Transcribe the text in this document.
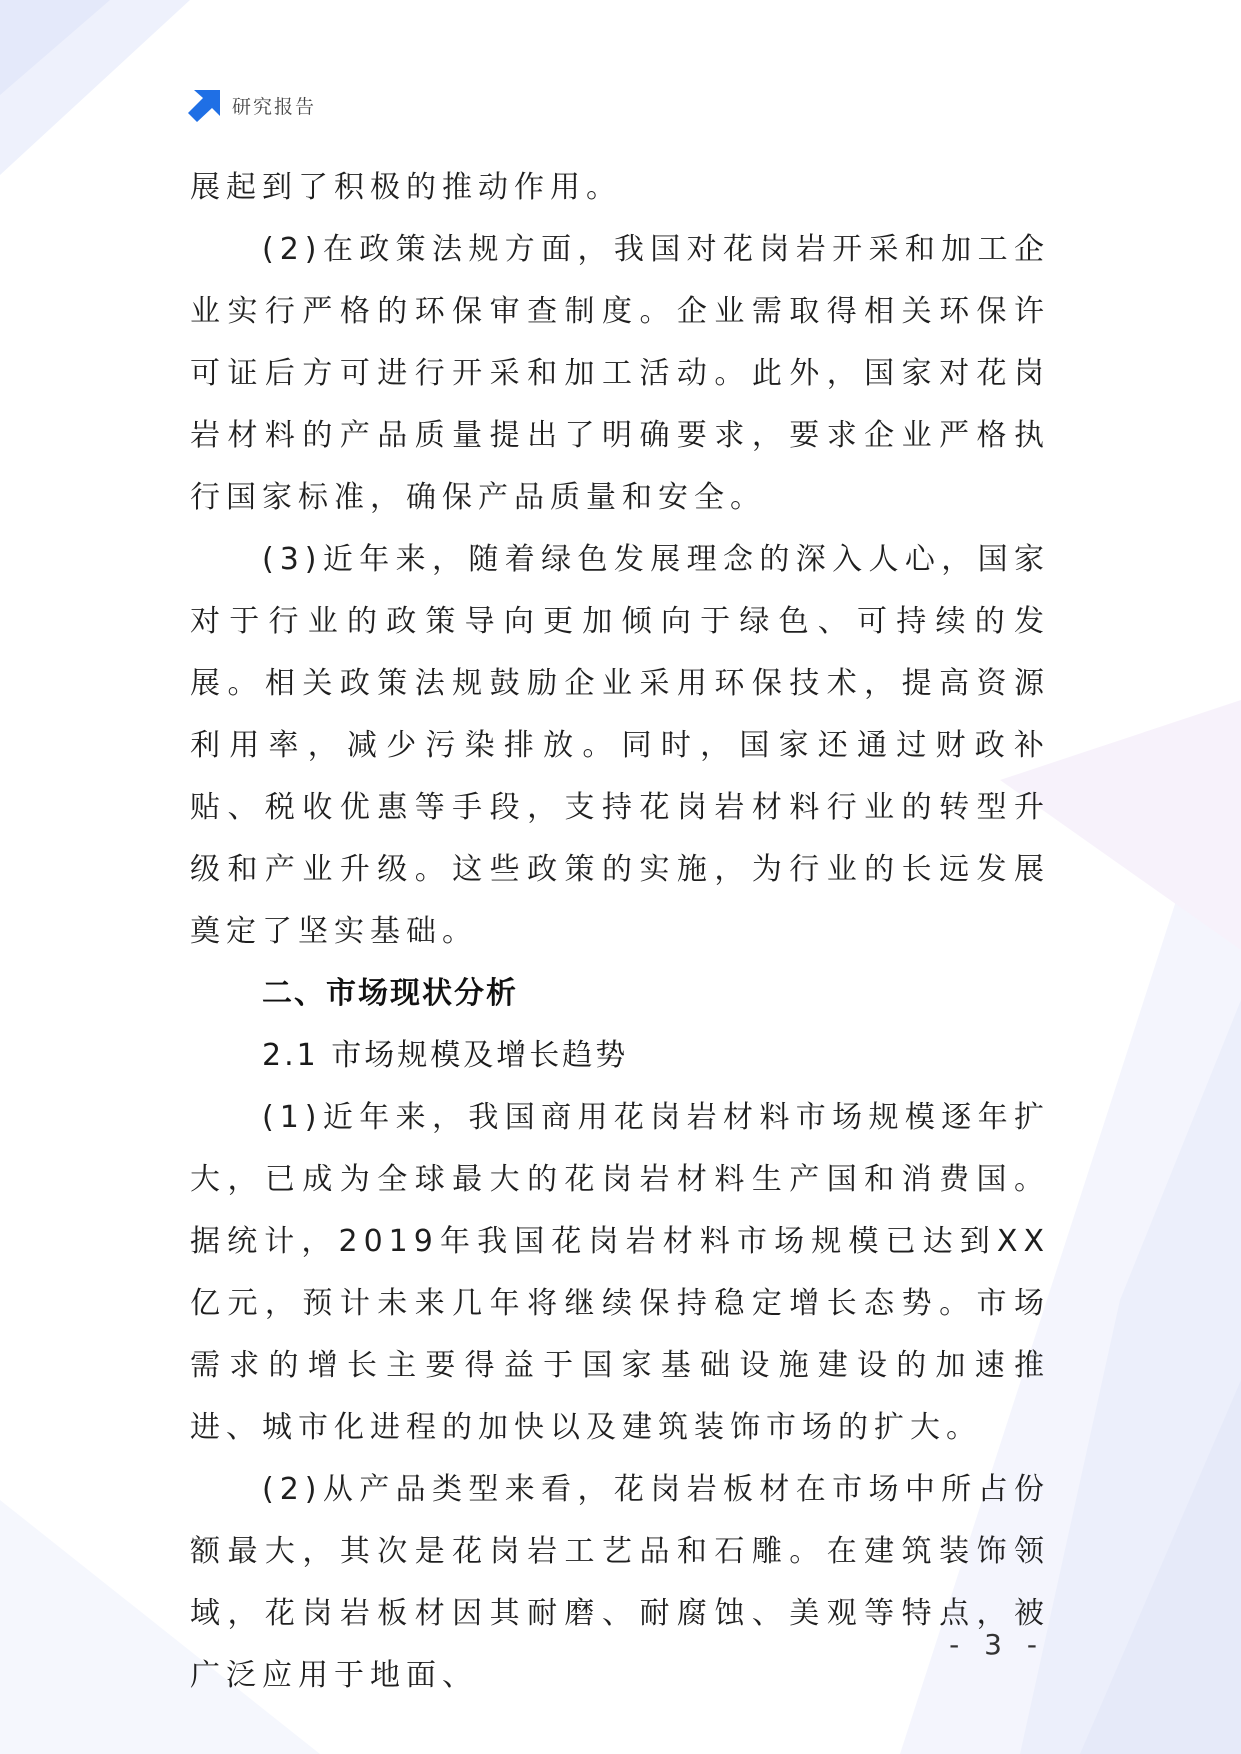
研究报告

展起到了积极的推动作用。

(2)在政策法规方面，我国对花岗岩开采和加工企业实行严格的环保审查制度。企业需取得相关环保许可证后方可进行开采和加工活动。此外，国家对花岗岩材料的产品质量提出了明确要求，要求企业严格执行国家标准，确保产品质量和安全。

(3)近年来，随着绿色发展理念的深入人心，国家对于行业的政策导向更加倾向于绿色、可持续的发展。相关政策法规鼓励企业采用环保技术，提高资源利用率，减少污染排放。同时，国家还通过财政补贴、税收优惠等手段，支持花岗岩材料行业的转型升级和产业升级。这些政策的实施，为行业的长远发展奠定了坚实基础。

二、市场现状分析

2.1 市场规模及增长趋势

(1)近年来，我国商用花岗岩材料市场规模逐年扩大，已成为全球最大的花岗岩材料生产国和消费国。据统计，2019年我国花岗岩材料市场规模已达到XX亿元，预计未来几年将继续保持稳定增长态势。市场需求的增长主要得益于国家基础设施建设的加速推进、城市化进程的加快以及建筑装饰市场的扩大。

(2)从产品类型来看，花岗岩板材在市场中所占份额最大，其次是花岗岩工艺品和石雕。在建筑装饰领域，花岗岩板材因其耐磨、耐腐蚀、美观等特点，被广泛应用于地面、

- 3 -
